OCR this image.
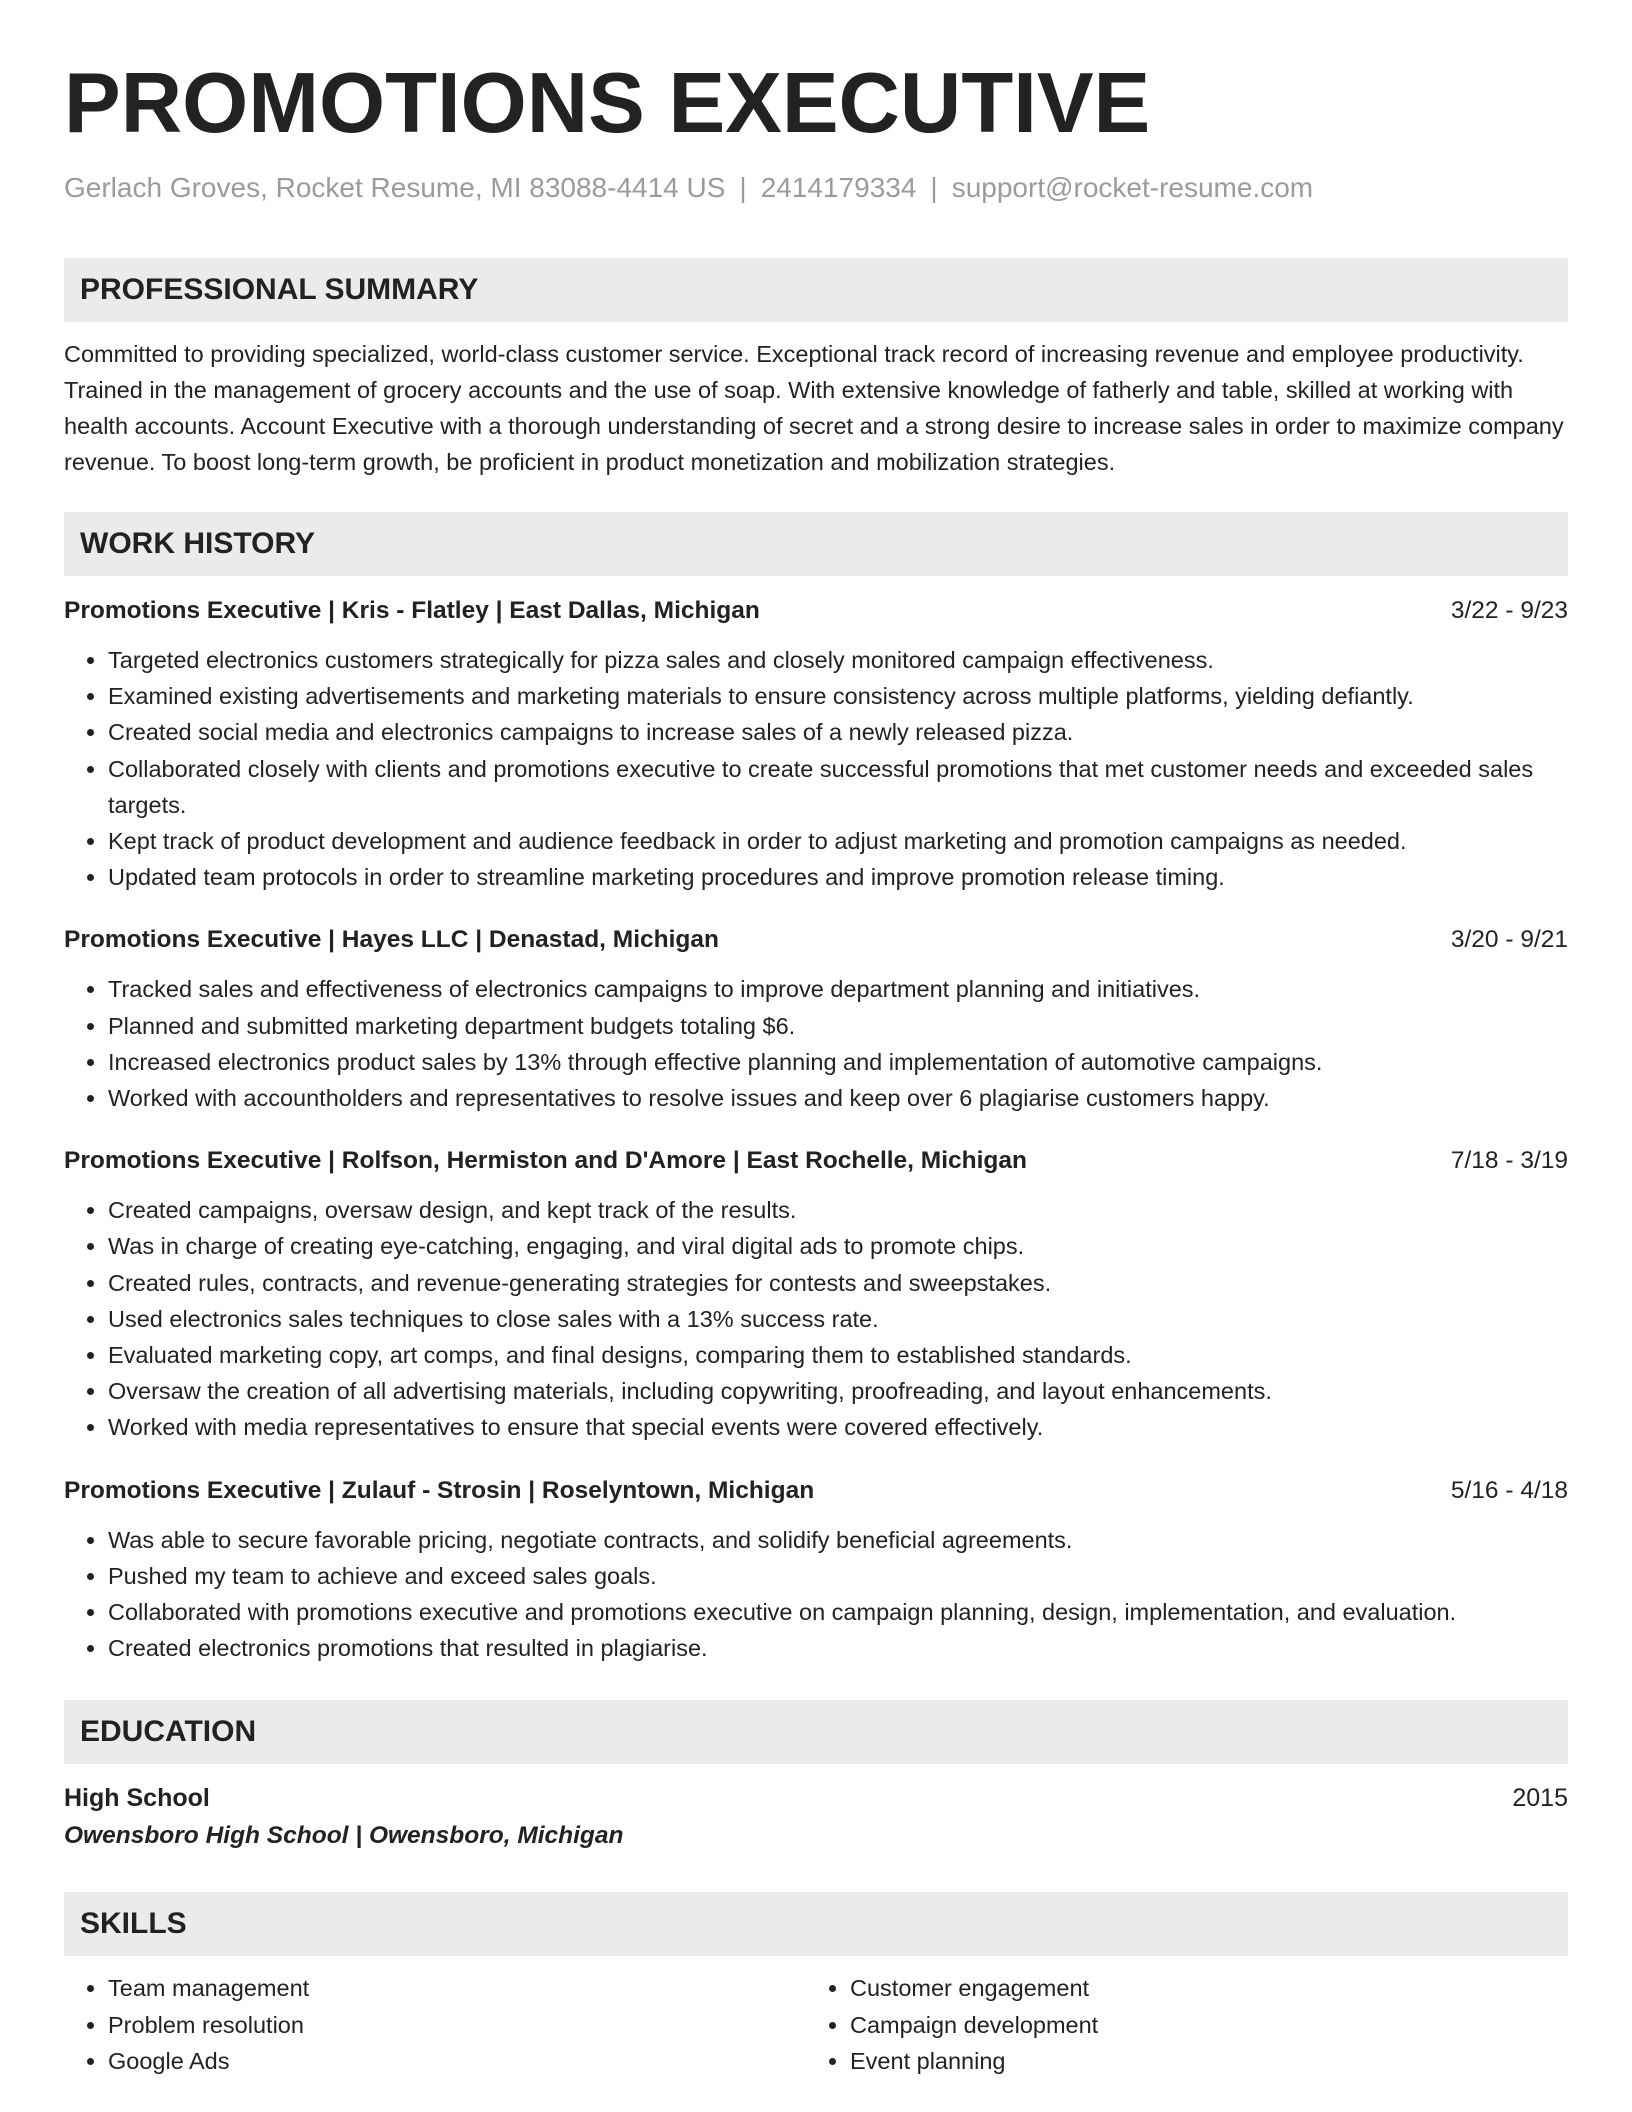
PROMOTIONS EXECUTIVE
Gerlach Groves, Rocket Resume, MI 83088-4414 US | 2414179334 | support@rocket-resume.com
PROFESSIONAL SUMMARY

Committed to providing specialized, world-class customer service. Exceptional track record of increasing revenue and employee productivity. Trained in the management of grocery accounts and the use of soap. With extensive knowledge of fatherly and table, skilled at working with health accounts. Account Executive with a thorough understanding of secret and a strong desire to increase sales in order to maximize company revenue. To boost long-term growth, be proficient in product monetization and mobilization strategies.

WORK HISTORY
Promotions Executive | Kris - Flatley | East Dallas, Michigan	3/22 - 9/23
• Targeted electronics customers strategically for pizza sales and closely monitored campaign effectiveness.
• Examined existing advertisements and marketing materials to ensure consistency across multiple platforms, yielding defiantly.
• Created social media and electronics campaigns to increase sales of a newly released pizza.
• Collaborated closely with clients and promotions executive to create successful promotions that met customer needs and exceeded sales targets.
• Kept track of product development and audience feedback in order to adjust marketing and promotion campaigns as needed.
• Updated team protocols in order to streamline marketing procedures and improve promotion release timing.
Promotions Executive | Hayes LLC | Denastad, Michigan	3/20 - 9/21
• Tracked sales and effectiveness of electronics campaigns to improve department planning and initiatives.
• Planned and submitted marketing department budgets totaling $6.
• Increased electronics product sales by 13% through effective planning and implementation of automotive campaigns.
• Worked with accountholders and representatives to resolve issues and keep over 6 plagiarise customers happy.
Promotions Executive | Rolfson, Hermiston and D'Amore | East Rochelle, Michigan	7/18 - 3/19
• Created campaigns, oversaw design, and kept track of the results.
• Was in charge of creating eye-catching, engaging, and viral digital ads to promote chips.
• Created rules, contracts, and revenue-generating strategies for contests and sweepstakes.
• Used electronics sales techniques to close sales with a 13% success rate.
• Evaluated marketing copy, art comps, and final designs, comparing them to established standards.
• Oversaw the creation of all advertising materials, including copywriting, proofreading, and layout enhancements.
• Worked with media representatives to ensure that special events were covered effectively.
Promotions Executive | Zulauf - Strosin | Roselyntown, Michigan	5/16 - 4/18
• Was able to secure favorable pricing, negotiate contracts, and solidify beneficial agreements.
• Pushed my team to achieve and exceed sales goals.
• Collaborated with promotions executive and promotions executive on campaign planning, design, implementation, and evaluation.
• Created electronics promotions that resulted in plagiarise.
EDUCATION
High School	2015
Owensboro High School | Owensboro, Michigan
SKILLS
• Team management
• Problem resolution
• Google Ads
• Customer engagement
• Campaign development
• Event planning
